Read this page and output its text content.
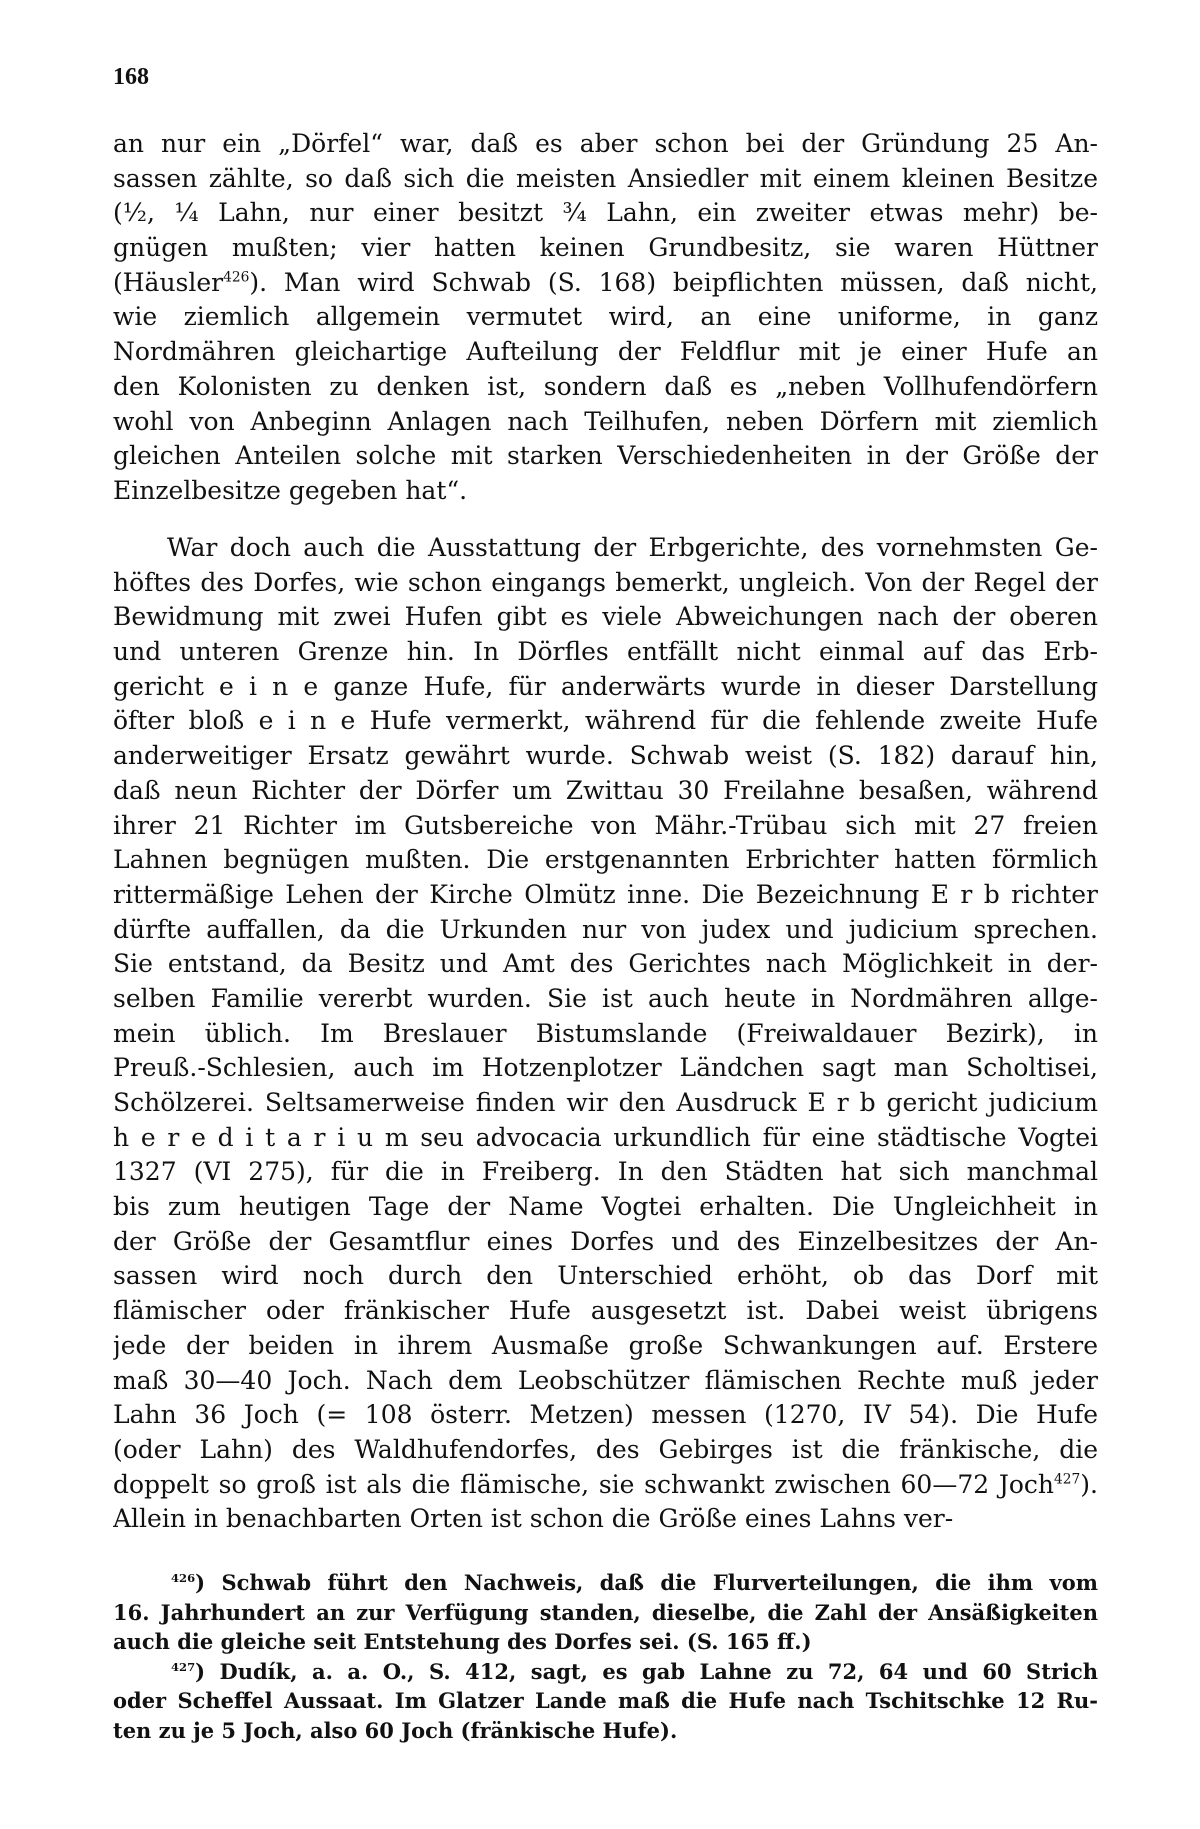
168
an nur ein „Dörfel“ war, daß es aber schon bei der Gründung 25 An-
sassen zählte, so daß sich die meisten Ansiedler mit einem kleinen Besitze
(½, ¼ Lahn, nur einer besitzt ¾ Lahn, ein zweiter etwas mehr) be-
gnügen mußten; vier hatten keinen Grundbesitz, sie waren Hüttner
(Häusler$^{426}$). Man wird Schwab (S. 168) beipflichten müssen, daß nicht,
wie ziemlich allgemein vermutet wird, an eine uniforme, in ganz
Nordmähren gleichartige Aufteilung der Feldflur mit je einer Hufe an
den Kolonisten zu denken ist, sondern daß es „neben Vollhufendörfern
wohl von Anbeginn Anlagen nach Teilhufen, neben Dörfern mit ziemlich
gleichen Anteilen solche mit starken Verschiedenheiten in der Größe der
Einzelbesitze gegeben hat“.
War doch auch die Ausstattung der Erbgerichte, des vornehmsten Ge-
höftes des Dorfes, wie schon eingangs bemerkt, ungleich. Von der Regel der
Bewidmung mit zwei Hufen gibt es viele Abweichungen nach der oberen
und unteren Grenze hin. In Dörfles entfällt nicht einmal auf das Erb-
gericht e i n e ganze Hufe, für anderwärts wurde in dieser Darstellung
öfter bloß e i n e Hufe vermerkt, während für die fehlende zweite Hufe
anderweitiger Ersatz gewährt wurde. Schwab weist (S. 182) darauf hin,
daß neun Richter der Dörfer um Zwittau 30 Freilahne besaßen, während
ihrer 21 Richter im Gutsbereiche von Mähr.-Trübau sich mit 27 freien
Lahnen begnügen mußten. Die erstgenannten Erbrichter hatten förmlich
rittermäßige Lehen der Kirche Olmütz inne. Die Bezeichnung E r b richter
dürfte auffallen, da die Urkunden nur von judex und judicium sprechen.
Sie entstand, da Besitz und Amt des Gerichtes nach Möglichkeit in der-
selben Familie vererbt wurden. Sie ist auch heute in Nordmähren allge-
mein üblich. Im Breslauer Bistumslande (Freiwaldauer Bezirk), in
Preuß.-Schlesien, auch im Hotzenplotzer Ländchen sagt man Scholtisei,
Schölzerei. Seltsamerweise finden wir den Ausdruck E r b gericht judicium
h e r e d i t a r i u m seu advocacia urkundlich für eine städtische Vogtei
1327 (VI 275), für die in Freiberg. In den Städten hat sich manchmal
bis zum heutigen Tage der Name Vogtei erhalten. Die Ungleichheit in
der Größe der Gesamtflur eines Dorfes und des Einzelbesitzes der An-
sassen wird noch durch den Unterschied erhöht, ob das Dorf mit
flämischer oder fränkischer Hufe ausgesetzt ist. Dabei weist übrigens
jede der beiden in ihrem Ausmaße große Schwankungen auf. Erstere
maß 30—40 Joch. Nach dem Leobschützer flämischen Rechte muß jeder
Lahn 36 Joch (= 108 österr. Metzen) messen (1270, IV 54). Die Hufe
(oder Lahn) des Waldhufendorfes, des Gebirges ist die fränkische, die
doppelt so groß ist als die flämische, sie schwankt zwischen 60—72 Joch$^{427}$).
Allein in benachbarten Orten ist schon die Größe eines Lahns ver-
$^{426}$) Schwab führt den Nachweis, daß die Flurverteilungen, die ihm vom
16. Jahrhundert an zur Verfügung standen, dieselbe, die Zahl der Ansäßigkeiten
auch die gleiche seit Entstehung des Dorfes sei. (S. 165 ff.)
$^{427}$) Dudík, a. a. O., S. 412, sagt, es gab Lahne zu 72, 64 und 60 Strich
oder Scheffel Aussaat. Im Glatzer Lande maß die Hufe nach Tschitschke 12 Ru-
ten zu je 5 Joch, also 60 Joch (fränkische Hufe).
